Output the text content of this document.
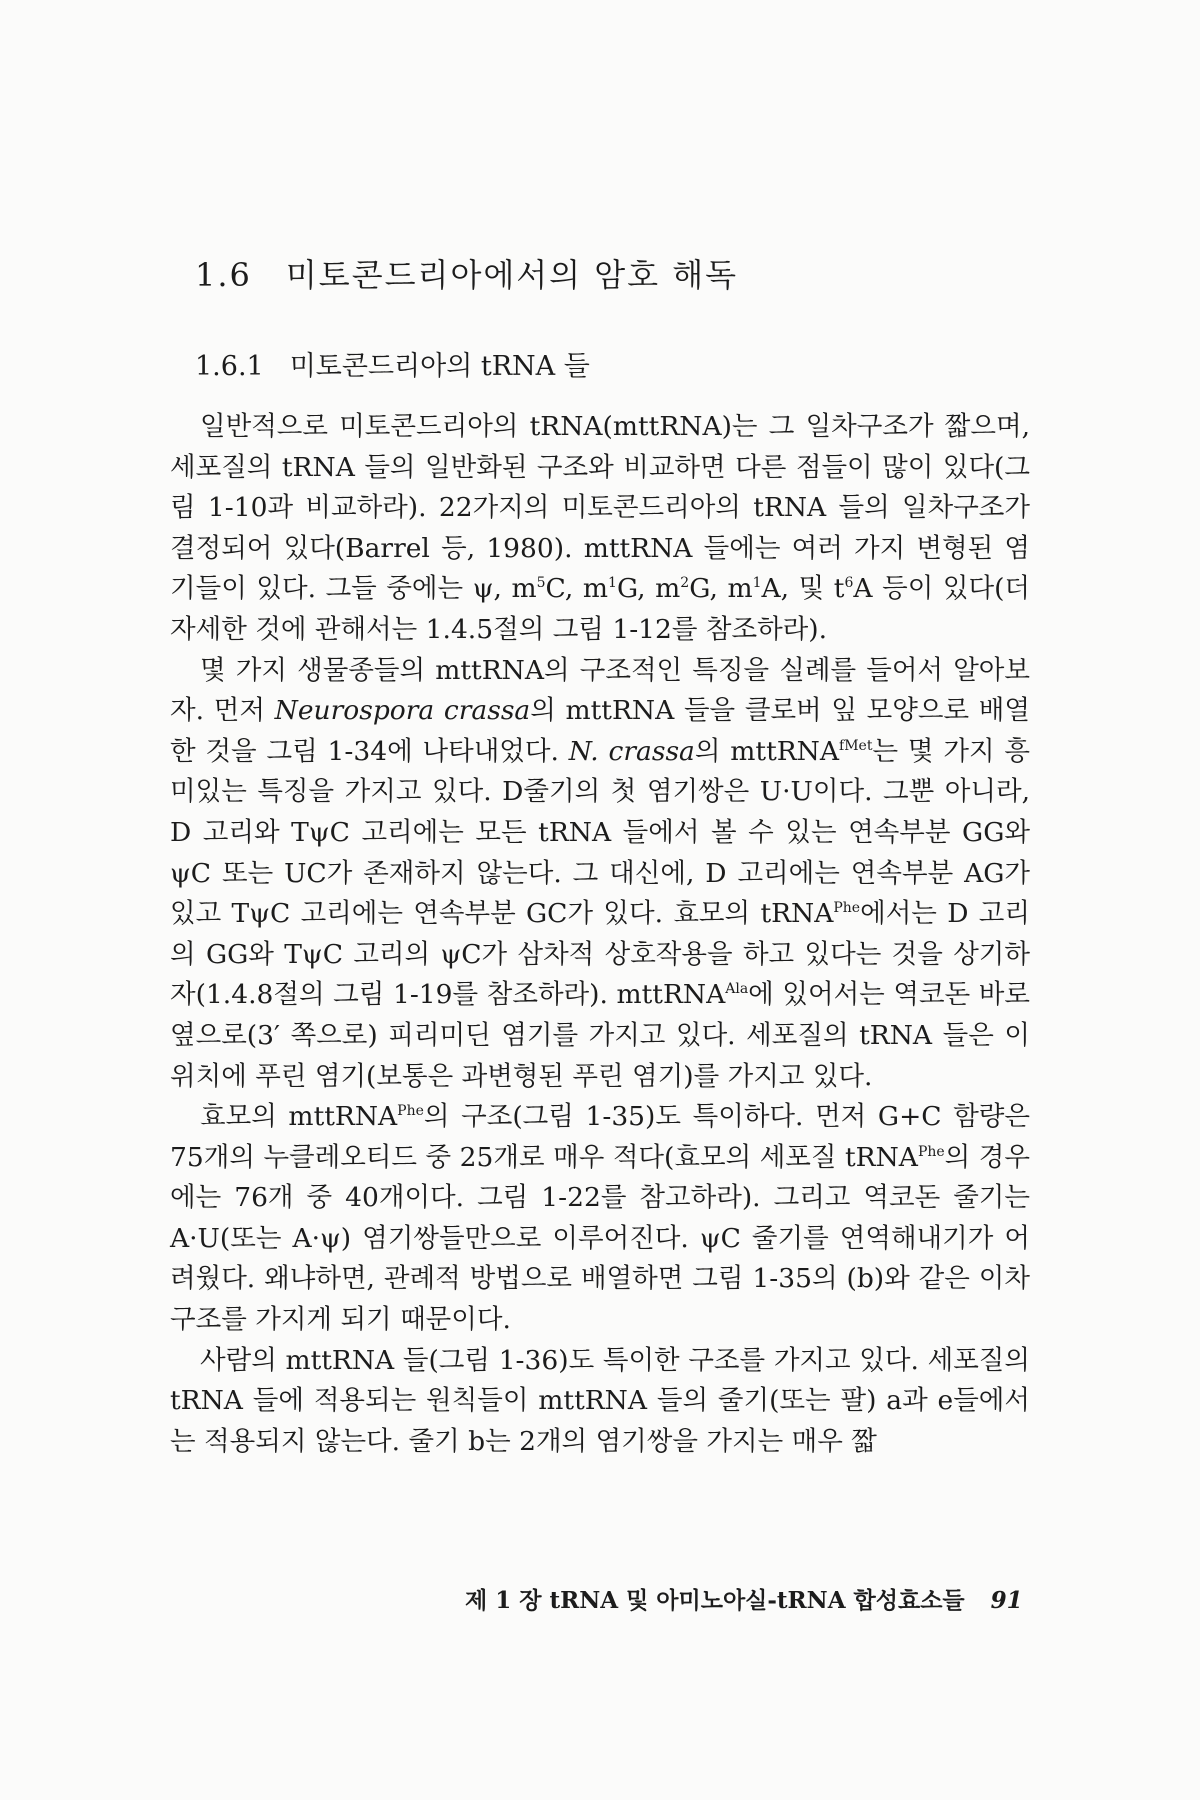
1.6 미토콘드리아에서의 암호 해독
1.6.1 미토콘드리아의 tRNA 들

일반적으로 미토콘드리아의 tRNA(mttRNA)는 그 일차구조가 짧으며, 세포질의 tRNA 들의 일반화된 구조와 비교하면 다른 점들이 많이 있다(그림 1-10과 비교하라). 22가지의 미토콘드리아의 tRNA 들의 일차구조가 결정되어 있다(Barrel 등, 1980). mttRNA 들에는 여러 가지 변형된 염기들이 있다. 그들 중에는 ψ, $m^5C$, $m^1G$, $m^2G$, $m^1A$, 및 $t^6A$ 등이 있다(더 자세한 것에 관해서는 1.4.5절의 그림 1-12를 참조하라).

몇 가지 생물종들의 mttRNA의 구조적인 특징을 실례를 들어서 알아보자. 먼저 Neurospora crassa의 mttRNA 들을 클로버 잎 모양으로 배열한 것을 그림 1-34에 나타내었다. N. crassa의 mttRNA$^{fMet}$는 몇 가지 흥미있는 특징을 가지고 있다. D줄기의 첫 염기쌍은 U·U이다. 그뿐 아니라, D 고리와 TψC 고리에는 모든 tRNA 들에서 볼 수 있는 연속부분 GG와 ψC 또는 UC가 존재하지 않는다. 그 대신에, D 고리에는 연속부분 AG가 있고 TψC 고리에는 연속부분 GC가 있다. 효모의 tRNA$^{Phe}$에서는 D 고리의 GG와 TψC 고리의 ψC가 삼차적 상호작용을 하고 있다는 것을 상기하자(1.4.8절의 그림 1-19를 참조하라). mttRNA$^{Ala}$에 있어서는 역코돈 바로 옆으로(3′ 쪽으로) 피리미딘 염기를 가지고 있다. 세포질의 tRNA 들은 이 위치에 푸린 염기(보통은 과변형된 푸린 염기)를 가지고 있다.

효모의 mttRNA$^{Phe}$의 구조(그림 1-35)도 특이하다. 먼저 G+C 함량은 75개의 누클레오티드 중 25개로 매우 적다(효모의 세포질 tRNA$^{Phe}$의 경우에는 76개 중 40개이다. 그림 1-22를 참고하라). 그리고 역코돈 줄기는 A·U(또는 A·ψ) 염기쌍들만으로 이루어진다. ψC 줄기를 연역해내기가 어려웠다. 왜냐하면, 관례적 방법으로 배열하면 그림 1-35의 (b)와 같은 이차구조를 가지게 되기 때문이다.

사람의 mttRNA 들(그림 1-36)도 특이한 구조를 가지고 있다. 세포질의 tRNA 들에 적용되는 원칙들이 mttRNA 들의 줄기(또는 팔) a과 e들에서는 적용되지 않는다. 줄기 b는 2개의 염기쌍을 가지는 매우 짧

제 1 장 tRNA 및 아미노아실-tRNA 합성효소들 91
